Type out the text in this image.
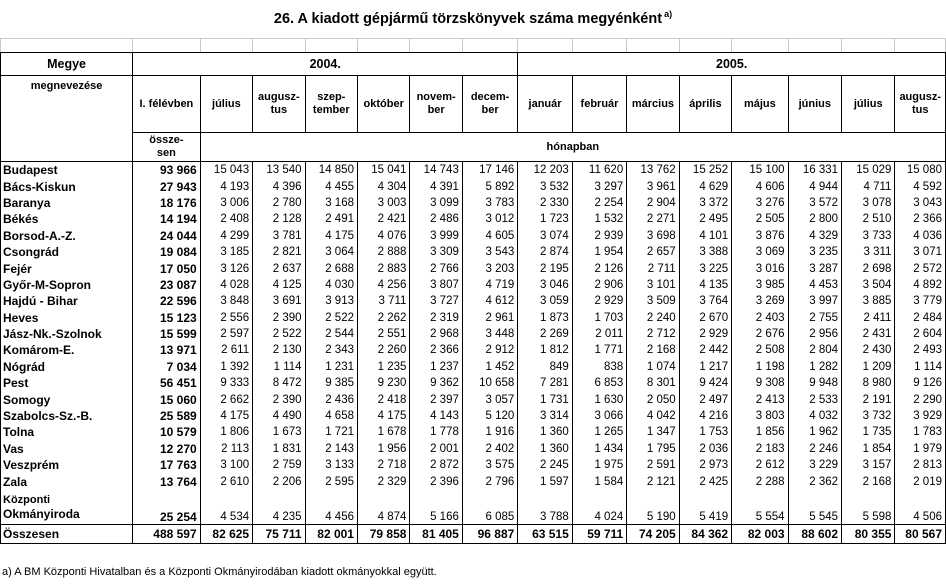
26. A kiadott gépjármű törzskönyvek száma megyénként $^{a)}$

Megye	2004.							2005.							
megnevezése	I. félévben	július	augusz- tus	szep- tember	október	novem- ber	decem- ber	január	február	március	április	május	június	július	augusz- tus

	össze- sen	hónapban													
Budapest	93 966	15 043	13 540	14 850	15 041	14 743	17 146	12 203	11 620	13 762	15 252	15 100	16 331	15 029	15 080
Bács-Kiskun	27 943	4 193	4 396	4 455	4 304	4 391	5 892	3 532	3 297	3 961	4 629	4 606	4 944	4 711	4 592
Baranya	18 176	3 006	2 780	3 168	3 003	3 099	3 783	2 330	2 254	2 904	3 372	3 276	3 572	3 078	3 043
Békés	14 194	2 408	2 128	2 491	2 421	2 486	3 012	1 723	1 532	2 271	2 495	2 505	2 800	2 510	2 366
Borsod-A.-Z.	24 044	4 299	3 781	4 175	4 076	3 999	4 605	3 074	2 939	3 698	4 101	3 876	4 329	3 733	4 036
Csongrád	19 084	3 185	2 821	3 064	2 888	3 309	3 543	2 874	1 954	2 657	3 388	3 069	3 235	3 311	3 071
Fejér	17 050	3 126	2 637	2 688	2 883	2 766	3 203	2 195	2 126	2 711	3 225	3 016	3 287	2 698	2 572
Győr-M-Sopron	23 087	4 028	4 125	4 030	4 256	3 807	4 719	3 046	2 906	3 101	4 135	3 985	4 453	3 504	4 892
Hajdú - Bihar	22 596	3 848	3 691	3 913	3 711	3 727	4 612	3 059	2 929	3 509	3 764	3 269	3 997	3 885	3 779
Heves	15 123	2 556	2 390	2 522	2 262	2 319	2 961	1 873	1 703	2 240	2 670	2 403	2 755	2 411	2 484
Jász-Nk.-Szolnok	15 599	2 597	2 522	2 544	2 551	2 968	3 448	2 269	2 011	2 712	2 929	2 676	2 956	2 431	2 604
Komárom-E.	13 971	2 611	2 130	2 343	2 260	2 366	2 912	1 812	1 771	2 168	2 442	2 508	2 804	2 430	2 493
Nógrád	7 034	1 392	1 114	1 231	1 235	1 237	1 452	849	838	1 074	1 217	1 198	1 282	1 209	1 114
Pest	56 451	9 333	8 472	9 385	9 230	9 362	10 658	7 281	6 853	8 301	9 424	9 308	9 948	8 980	9 126
Somogy	15 060	2 662	2 390	2 436	2 418	2 397	3 057	1 731	1 630	2 050	2 497	2 413	2 533	2 191	2 290
Szabolcs-Sz.-B.	25 589	4 175	4 490	4 658	4 175	4 143	5 120	3 314	3 066	4 042	4 216	3 803	4 032	3 732	3 929
Tolna	10 579	1 806	1 673	1 721	1 678	1 778	1 916	1 360	1 265	1 347	1 753	1 856	1 962	1 735	1 783
Vas	12 270	2 113	1 831	2 143	1 956	2 001	2 402	1 360	1 434	1 795	2 036	2 183	2 246	1 854	1 979
Veszprém	17 763	3 100	2 759	3 133	2 718	2 872	3 575	2 245	1 975	2 591	2 973	2 612	3 229	3 157	2 813
Zala	13 764	2 610	2 206	2 595	2 329	2 396	2 796	1 597	1 584	2 121	2 425	2 288	2 362	2 168	2 019

Központi
Okmányiroda	25 254	4 534	4 235	4 456	4 874	5 166	6 085	3 788	4 024	5 190	5 419	5 554	5 545	5 598	4 506
Összesen	488 597	82 625	75 711	82 001	79 858	81 405	96 887	63 515	59 711	74 205	84 362	82 003	88 602	80 355	80 567
a) A BM Központi Hivatalban és a Központi Okmányirodában kiadott okmányokkal együtt.
